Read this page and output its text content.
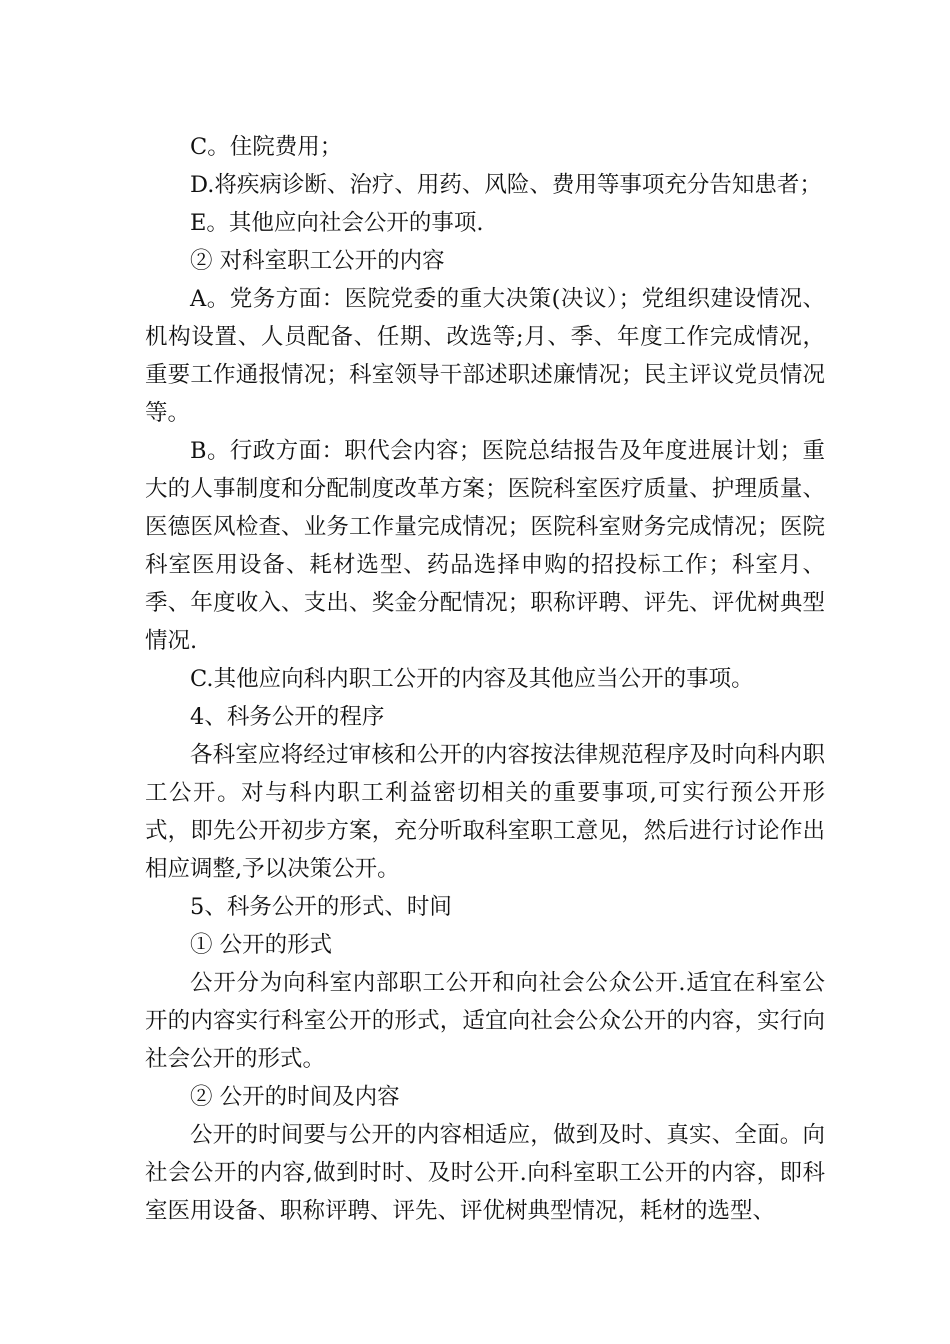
C。住院费用；

D.将疾病诊断、治疗、用药、风险、费用等事项充分告知患者；

E。其他应向社会公开的事项.

② 对科室职工公开的内容

A。党务方面：医院党委的重大决策(决议）；党组织建设情况、机构设置、人员配备、任期、改选等;月、季、年度工作完成情况，重要工作通报情况；科室领导干部述职述廉情况；民主评议党员情况等。

B。行政方面：职代会内容；医院总结报告及年度进展计划；重大的人事制度和分配制度改革方案；医院科室医疗质量、护理质量、医德医风检查、业务工作量完成情况；医院科室财务完成情况；医院科室医用设备、耗材选型、药品选择申购的招投标工作；科室月、季、年度收入、支出、奖金分配情况；职称评聘、评先、评优树典型情况.

C.其他应向科内职工公开的内容及其他应当公开的事项。

4、科务公开的程序

各科室应将经过审核和公开的内容按法律规范程序及时向科内职工公开。对与科内职工利益密切相关的重要事项,可实行预公开形式，即先公开初步方案，充分听取科室职工意见，然后进行讨论作出相应调整,予以决策公开。

5、科务公开的形式、时间

① 公开的形式

公开分为向科室内部职工公开和向社会公众公开.适宜在科室公开的内容实行科室公开的形式，适宜向社会公众公开的内容，实行向社会公开的形式。

② 公开的时间及内容

公开的时间要与公开的内容相适应，做到及时、真实、全面。向社会公开的内容,做到时时、及时公开.向科室职工公开的内容，即科室医用设备、职称评聘、评先、评优树典型情况，耗材的选型、
